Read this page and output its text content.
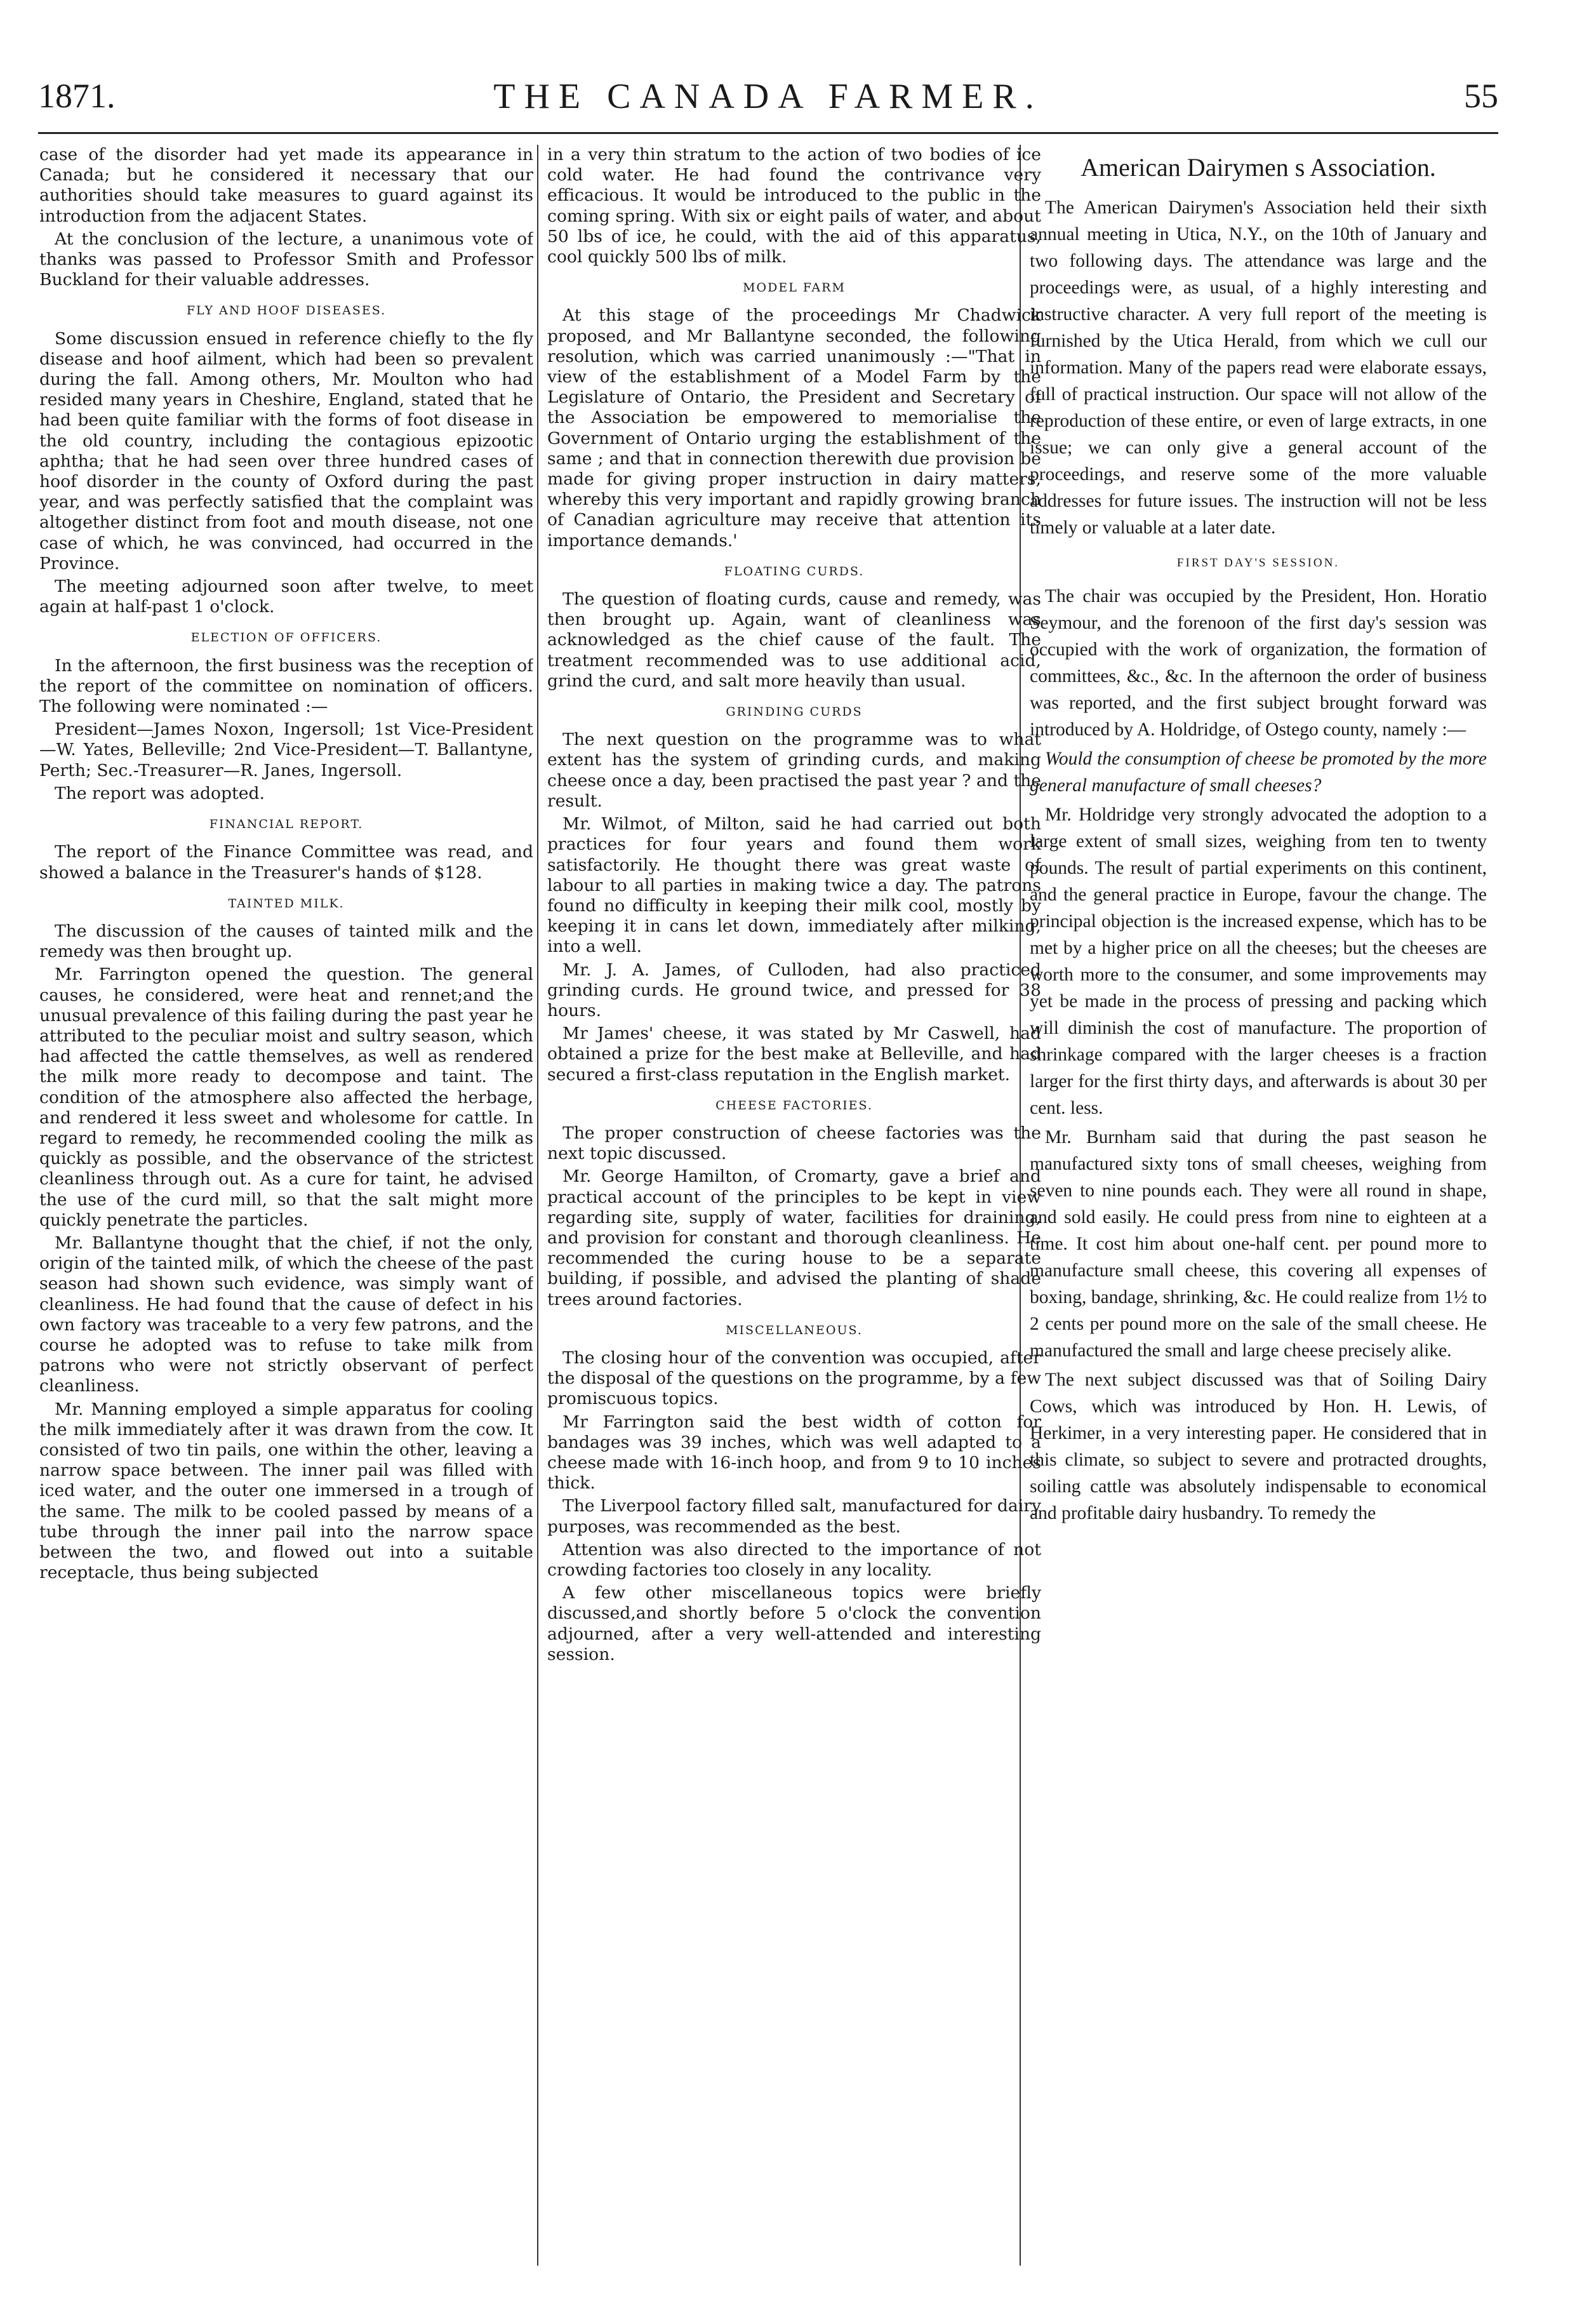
1871.	THE CANADA FARMER.	55

case of the disorder had yet made its appearance in Canada; but he considered it necessary that our authorities should take measures to guard against its introduction from the adjacent States.

At the conclusion of the lecture, a unanimous vote of thanks was passed to Professor Smith and Professor Buckland for their valuable addresses.

FLY AND HOOF DISEASES.

Some discussion ensued in reference chiefly to the fly disease and hoof ailment, which had been so prevalent during the fall. Among others, Mr. Moulton who had resided many years in Cheshire, England, stated that he had been quite familiar with the forms of foot disease in the old country, including the contagious epizootic aphtha; that he had seen over three hundred cases of hoof disorder in the county of Oxford during the past year, and was perfectly satisfied that the complaint was altogether distinct from foot and mouth disease, not one case of which, he was convinced, had occurred in the Province.

The meeting adjourned soon after twelve, to meet again at half-past 1 o'clock.

ELECTION OF OFFICERS.

In the afternoon, the first business was the reception of the report of the committee on nomination of officers. The following were nominated :—

President—James Noxon, Ingersoll; 1st Vice-President—W. Yates, Belleville; 2nd Vice-President—T. Ballantyne, Perth; Sec.-Treasurer—R. Janes, Ingersoll.

The report was adopted.

FINANCIAL REPORT.

The report of the Finance Committee was read, and showed a balance in the Treasurer's hands of $128.

TAINTED MILK.

The discussion of the causes of tainted milk and the remedy was then brought up.

Mr. Farrington opened the question. The general causes, he considered, were heat and rennet;and the unusual prevalence of this failing during the past year he attributed to the peculiar moist and sultry season, which had affected the cattle themselves, as well as rendered the milk more ready to decompose and taint. The condition of the atmosphere also affected the herbage, and rendered it less sweet and wholesome for cattle. In regard to remedy, he recommended cooling the milk as quickly as possible, and the observance of the strictest cleanliness through out. As a cure for taint, he advised the use of the curd mill, so that the salt might more quickly penetrate the particles.

Mr. Ballantyne thought that the chief, if not the only, origin of the tainted milk, of which the cheese of the past season had shown such evidence, was simply want of cleanliness. He had found that the cause of defect in his own factory was traceable to a very few patrons, and the course he adopted was to refuse to take milk from patrons who were not strictly observant of perfect cleanliness.

Mr. Manning employed a simple apparatus for cooling the milk immediately after it was drawn from the cow. It consisted of two tin pails, one within the other, leaving a narrow space between. The inner pail was filled with iced water, and the outer one immersed in a trough of the same. The milk to be cooled passed by means of a tube through the inner pail into the narrow space between the two, and flowed out into a suitable receptacle, thus being subjected

in a very thin stratum to the action of two bodies of ice cold water. He had found the contrivance very efficacious. It would be introduced to the public in the coming spring. With six or eight pails of water, and about 50 lbs of ice, he could, with the aid of this apparatus, cool quickly 500 lbs of milk.

MODEL FARM

At this stage of the proceedings Mr Chadwick proposed, and Mr Ballantyne seconded, the following resolution, which was carried unanimously :—"That in view of the establishment of a Model Farm by the Legislature of Ontario, the President and Secretary of the Association be empowered to memorialise the Government of Ontario urging the establishment of the same ; and that in connection therewith due provision be made for giving proper instruction in dairy matters, whereby this very important and rapidly growing branch of Canadian agriculture may receive that attention its importance demands.'

FLOATING CURDS.

The question of floating curds, cause and remedy, was then brought up. Again, want of cleanliness was acknowledged as the chief cause of the fault. The treatment recommended was to use additional acid, grind the curd, and salt more heavily than usual.

GRINDING CURDS

The next question on the programme was to what extent has the system of grinding curds, and making cheese once a day, been practised the past year ? and the result.

Mr. Wilmot, of Milton, said he had carried out both practices for four years and found them work satisfactorily. He thought there was great waste of labour to all parties in making twice a day. The patrons found no difficulty in keeping their milk cool, mostly by keeping it in cans let down, immediately after milking, into a well.

Mr. J. A. James, of Culloden, had also practiced grinding curds. He ground twice, and pressed for 38 hours.

Mr James' cheese, it was stated by Mr Caswell, had obtained a prize for the best make at Belleville, and had secured a first-class reputation in the English market.

CHEESE FACTORIES.

The proper construction of cheese factories was the next topic discussed.

Mr. George Hamilton, of Cromarty, gave a brief and practical account of the principles to be kept in view regarding site, supply of water, facilities for draining, and provision for constant and thorough cleanliness. He recommended the curing house to be a separate building, if possible, and advised the planting of shade trees around factories.

MISCELLANEOUS.

The closing hour of the convention was occupied, after the disposal of the questions on the programme, by a few promiscuous topics.

Mr Farrington said the best width of cotton for bandages was 39 inches, which was well adapted to a cheese made with 16-inch hoop, and from 9 to 10 inches thick.

The Liverpool factory filled salt, manufactured for dairy purposes, was recommended as the best.

Attention was also directed to the importance of not crowding factories too closely in any locality.

A few other miscellaneous topics were briefly discussed,and shortly before 5 o'clock the convention adjourned, after a very well-attended and interesting session.

American Dairymen s Association.

The American Dairymen's Association held their sixth annual meeting in Utica, N.Y., on the 10th of January and two following days. The attendance was large and the proceedings were, as usual, of a highly interesting and instructive character. A very full report of the meeting is furnished by the Utica Herald, from which we cull our information. Many of the papers read were elaborate essays, full of practical instruction. Our space will not allow of the reproduction of these entire, or even of large extracts, in one issue; we can only give a general account of the proceedings, and reserve some of the more valuable addresses for future issues. The instruction will not be less timely or valuable at a later date.

FIRST DAY'S SESSION.

The chair was occupied by the President, Hon. Horatio Seymour, and the forenoon of the first day's session was occupied with the work of organization, the formation of committees, &c., &c. In the afternoon the order of business was reported, and the first subject brought forward was introduced by A. Holdridge, of Ostego county, namely :—

Would the consumption of cheese be promoted by the more general manufacture of small cheeses?

Mr. Holdridge very strongly advocated the adoption to a large extent of small sizes, weighing from ten to twenty pounds. The result of partial experiments on this continent, and the general practice in Europe, favour the change. The principal objection is the increased expense, which has to be met by a higher price on all the cheeses; but the cheeses are worth more to the consumer, and some improvements may yet be made in the process of pressing and packing which will diminish the cost of manufacture. The proportion of shrinkage compared with the larger cheeses is a fraction larger for the first thirty days, and afterwards is about 30 per cent. less.

Mr. Burnham said that during the past season he manufactured sixty tons of small cheeses, weighing from seven to nine pounds each. They were all round in shape, and sold easily. He could press from nine to eighteen at a time. It cost him about one-half cent. per pound more to manufacture small cheese, this covering all expenses of boxing, bandage, shrinking, &c. He could realize from 1½ to 2 cents per pound more on the sale of the small cheese. He manufactured the small and large cheese precisely alike.

The next subject discussed was that of Soiling Dairy Cows, which was introduced by Hon. H. Lewis, of Herkimer, in a very interesting paper. He considered that in this climate, so subject to severe and protracted droughts, soiling cattle was absolutely indispensable to economical and profitable dairy husbandry. To remedy the
